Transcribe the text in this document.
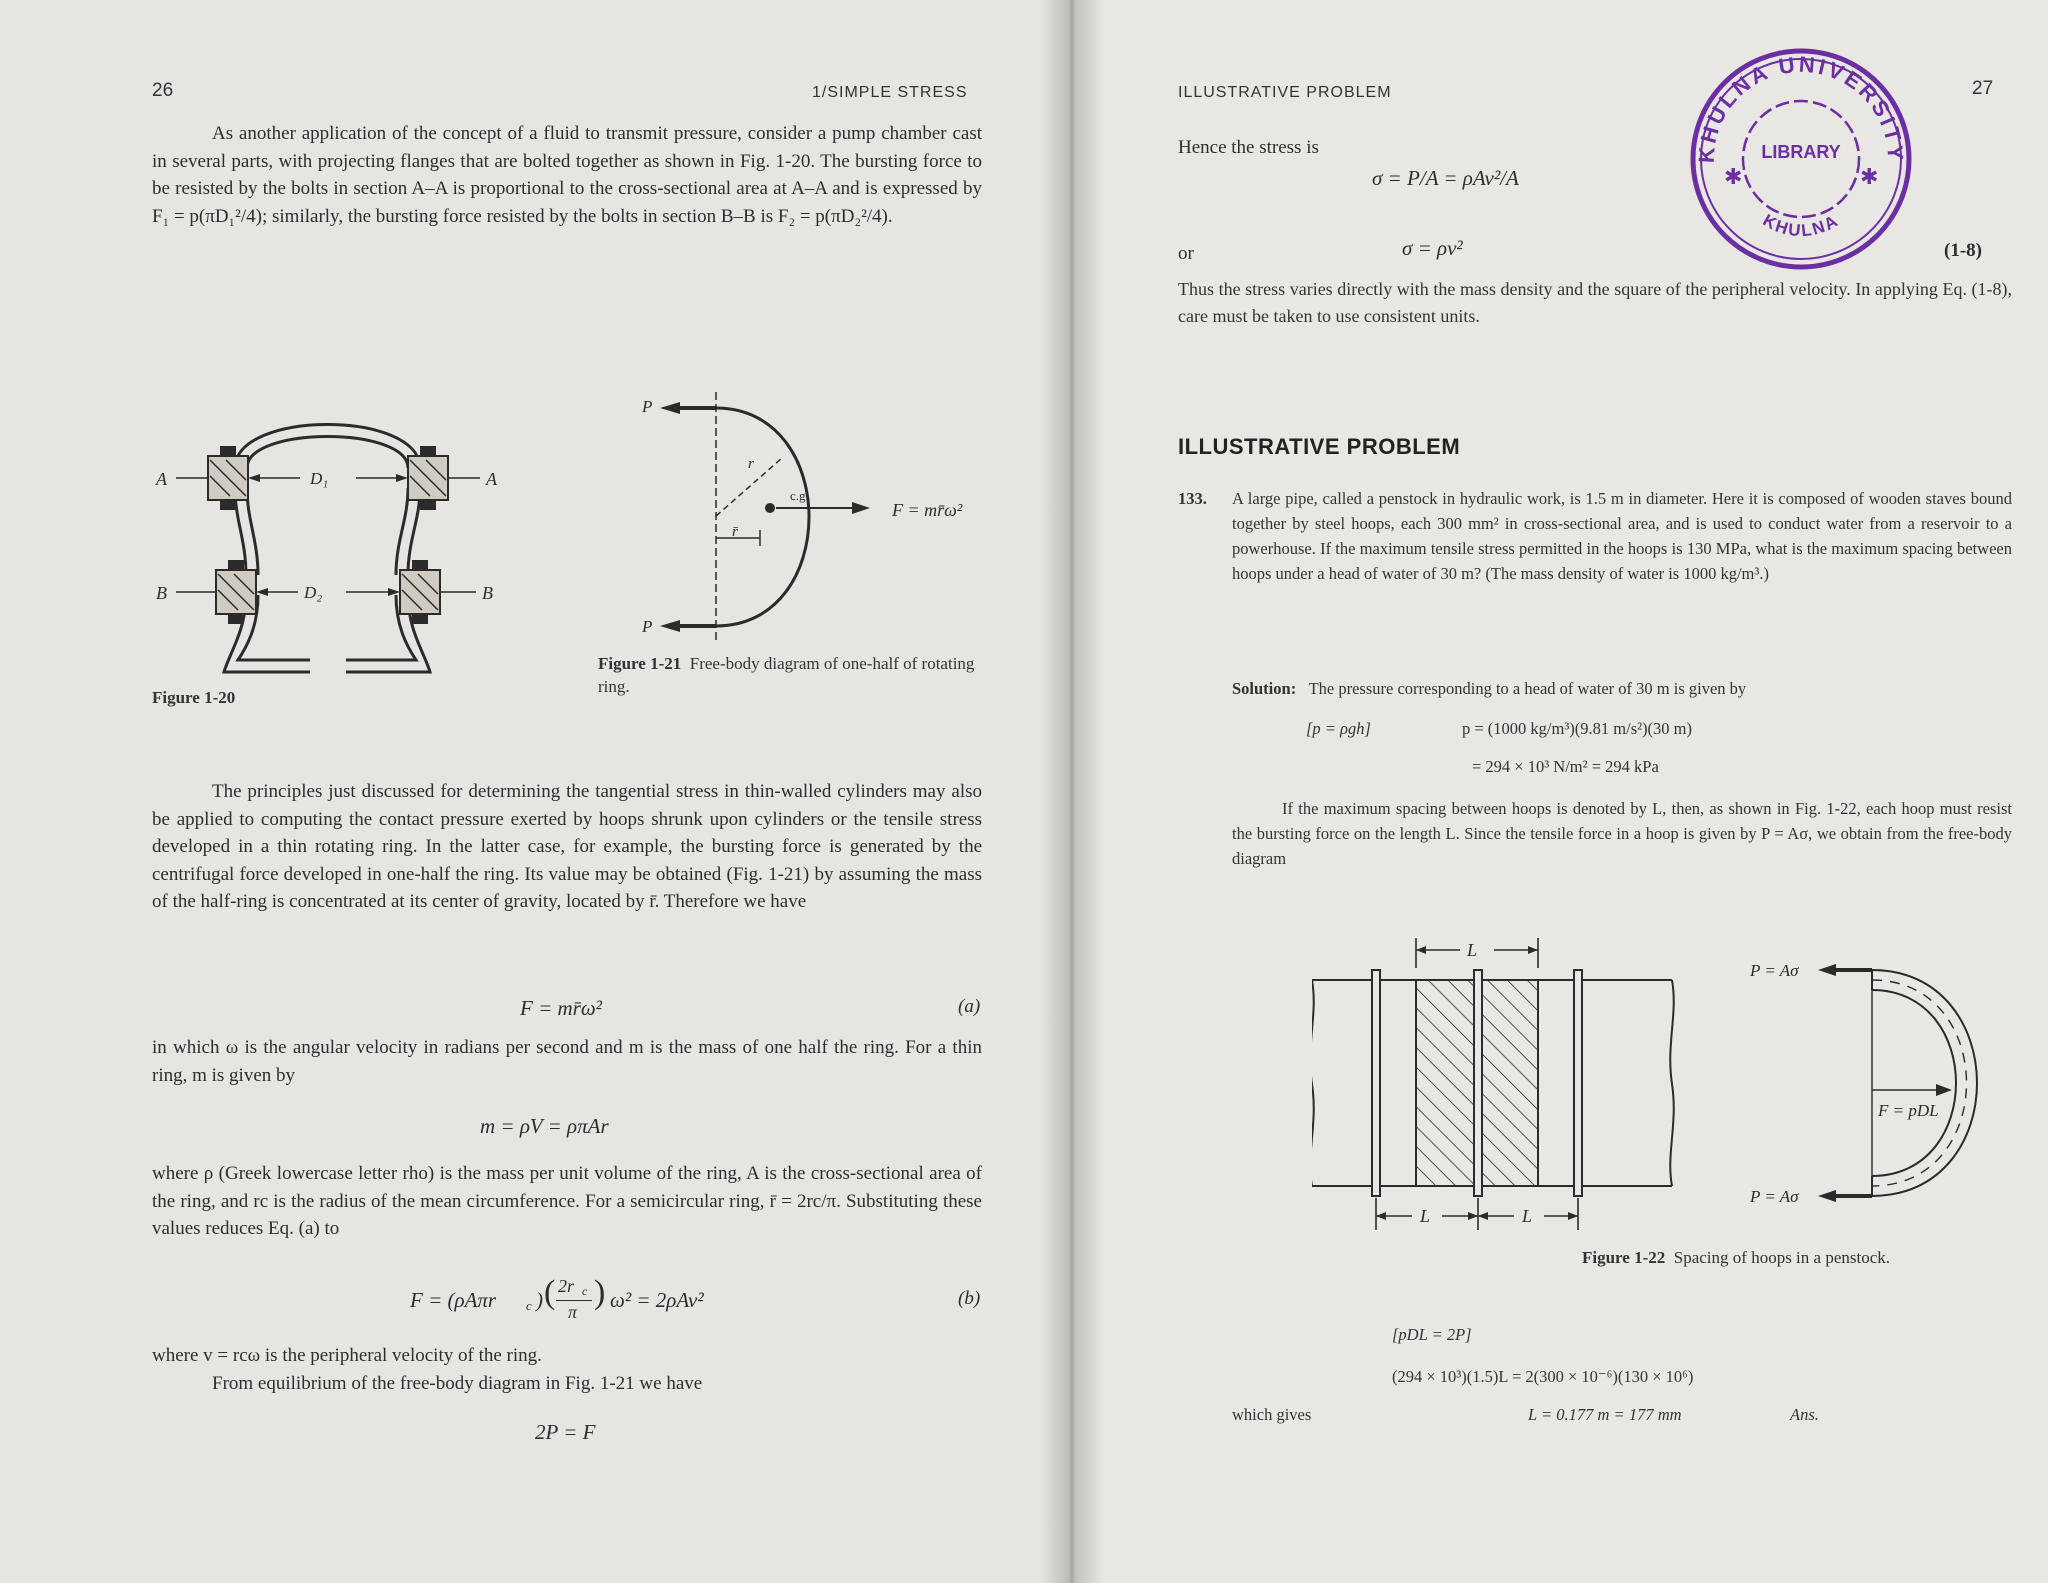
26	1/SIMPLE STRESS

As another application of the concept of a fluid to transmit pressure, consider a pump chamber cast in several parts, with projecting flanges that are bolted together as shown in Fig. 1-20. The bursting force to be resisted by the bolts in section A–A is proportional to the cross-sectional area at A–A and is expressed by F₁ = p(πD₁²/4); similarly, the bursting force resisted by the bolts in section B–B is F₂ = p(πD₂²/4).

A	A
B	B
D₁
D₂
Figure 1-20
P
P
r
c.g.
r̄
F = mr̄ω²
Figure 1-21 Free-body diagram of one-half of rotating ring.

The principles just discussed for determining the tangential stress in thin-walled cylinders may also be applied to computing the contact pressure exerted by hoops shrunk upon cylinders or the tensile stress developed in a thin rotating ring. In the latter case, for example, the bursting force is generated by the centrifugal force developed in one-half the ring. Its value may be obtained (Fig. 1-21) by assuming the mass of the half-ring is concentrated at its center of gravity, located by r̄. Therefore we have

F = mr̄ω²	(a)

in which ω is the angular velocity in radians per second and m is the mass of one half the ring. For a thin ring, m is given by

m = ρV = ρπAr

where ρ (Greek lowercase letter rho) is the mass per unit volume of the ring, A is the cross-sectional area of the ring, and rc is the radius of the mean circumference. For a semicircular ring, r̄ = 2rc/π. Substituting these values reduces Eq. (a) to

F = (ρAπr c ) ( 2r c
π
) ω² = 2ρAv²	(b)

where v = rcω is the peripheral velocity of the ring.

From equilibrium of the free-body diagram in Fig. 1-21 we have

2P = F
ILLUSTRATIVE PROBLEM	27
Hence the stress is
σ = P/A = ρAv²/A
or	σ = ρv²	(1-8)
Thus the stress varies directly with the mass density and the square of the peripheral velocity. In applying Eq. (1-8), care must be taken to use consistent units.
ILLUSTRATIVE PROBLEM
133. A large pipe, called a penstock in hydraulic work, is 1.5 m in diameter. Here it is composed of wooden staves bound together by steel hoops, each 300 mm² in cross-sectional area, and is used to conduct water from a reservoir to a powerhouse. If the maximum tensile stress permitted in the hoops is 130 MPa, what is the maximum spacing between hoops under a head of water of 30 m? (The mass density of water is 1000 kg/m³.)
Solution: The pressure corresponding to a head of water of 30 m is given by
[p = ρgh]	p = (1000 kg/m³)(9.81 m/s²)(30 m)
= 294 × 10³ N/m² = 294 kPa
If the maximum spacing between hoops is denoted by L, then, as shown in Fig. 1-22, each hoop must resist the bursting force on the length L. Since the tensile force in a hoop is given by P = Aσ, we obtain from the free-body diagram
L
L	L
P = Aσ
P = Aσ
F = pDL
Figure 1-22 Spacing of hoops in a penstock.
[pDL = 2P]
(294 × 10³)(1.5)L = 2(300 × 10⁻⁶)(130 × 10⁶)
which gives	L = 0.177 m = 177 mm	Ans.
KHULNA UNIVERSITY
KHULNA
LIBRARY
✱	✱
